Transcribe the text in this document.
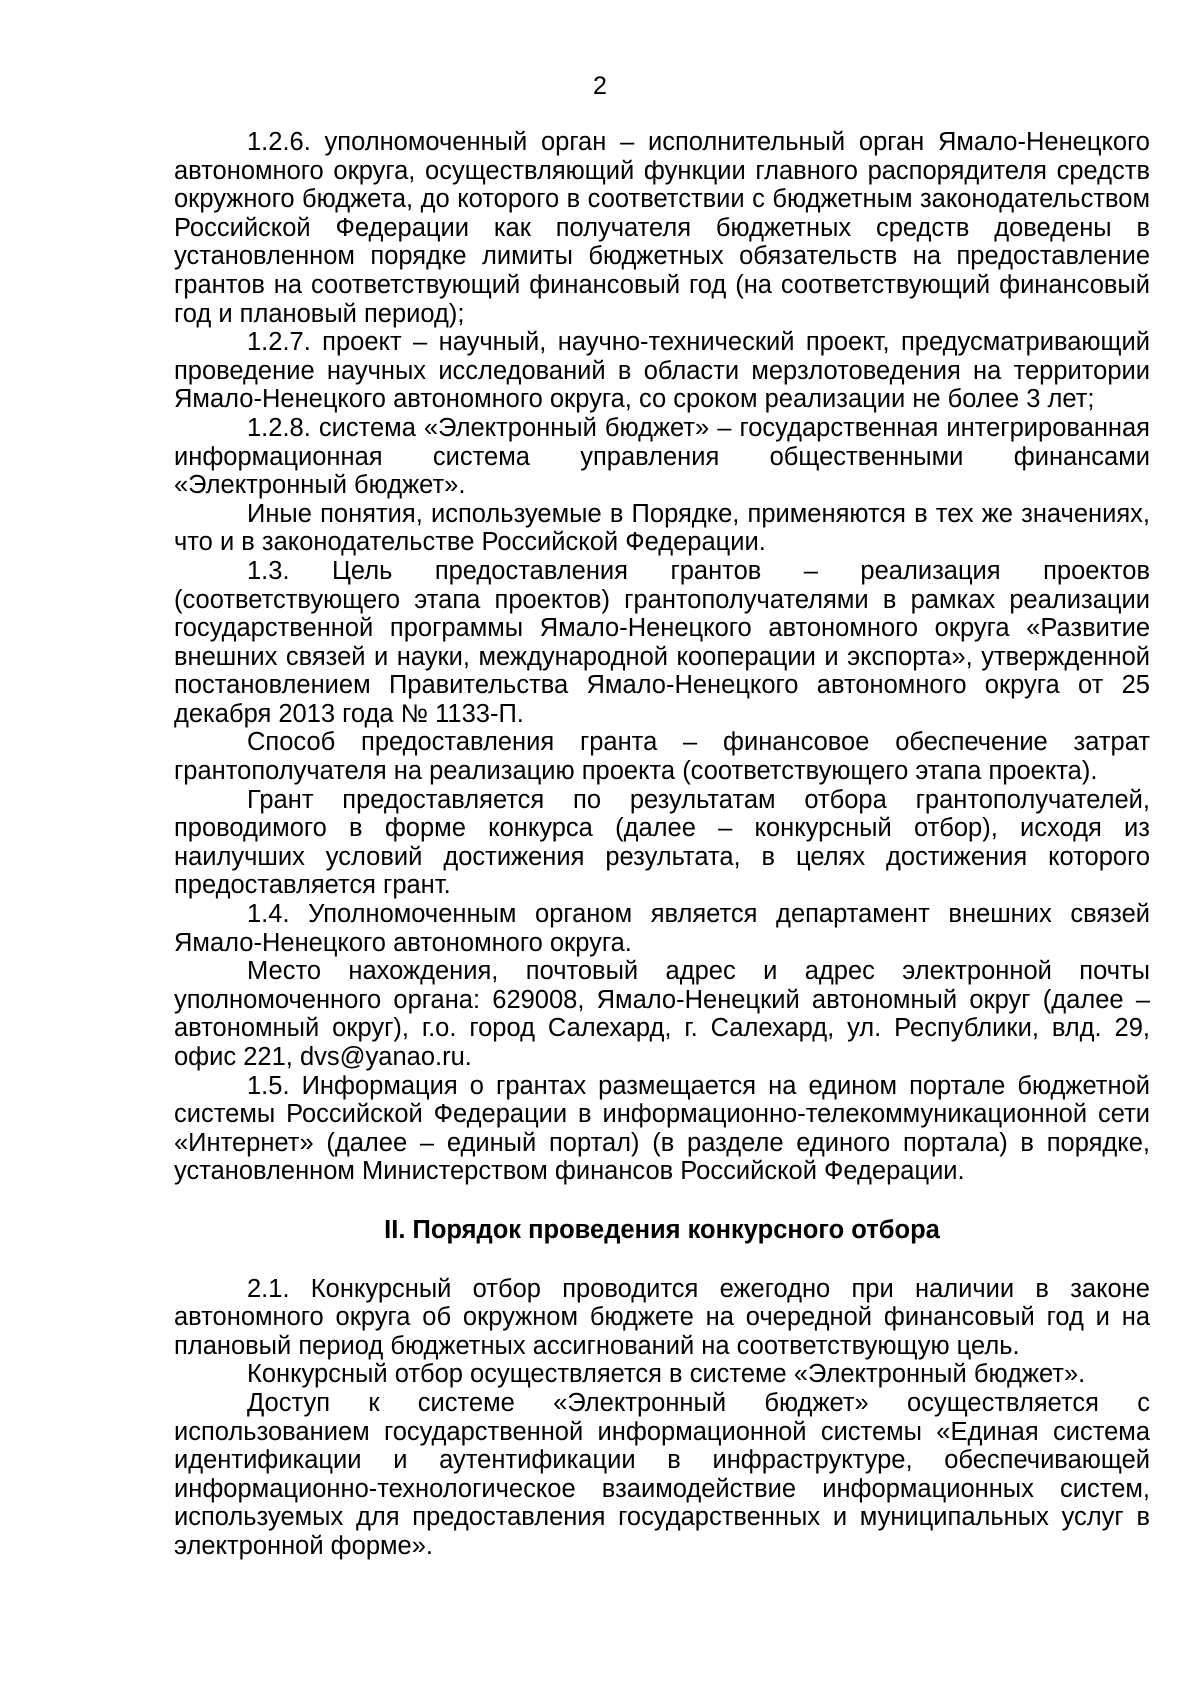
2

1.2.6. уполномоченный орган – исполнительный орган Ямало-Ненецкого автономного округа, осуществляющий функции главного распорядителя средств окружного бюджета, до которого в соответствии с бюджетным законодательством Российской Федерации как получателя бюджетных средств доведены в установленном порядке лимиты бюджетных обязательств на предоставление грантов на соответствующий финансовый год (на соответствующий финансовый год и плановый период);

1.2.7. проект – научный, научно-технический проект, предусматривающий проведение научных исследований в области мерзлотоведения на территории Ямало-Ненецкого автономного округа, со сроком реализации не более 3 лет;

1.2.8. система «Электронный бюджет» – государственная интегрированная информационная система управления общественными финансами «Электронный бюджет».

Иные понятия, используемые в Порядке, применяются в тех же значениях, что и в законодательстве Российской Федерации.

1.3. Цель предоставления грантов – реализация проектов (соответствующего этапа проектов) грантополучателями в рамках реализации государственной программы Ямало-Ненецкого автономного округа «Развитие внешних связей и науки, международной кооперации и экспорта», утвержденной постановлением Правительства Ямало-Ненецкого автономного округа от 25 декабря 2013 года № 1133-П.

Способ предоставления гранта – финансовое обеспечение затрат грантополучателя на реализацию проекта (соответствующего этапа проекта).

Грант предоставляется по результатам отбора грантополучателей, проводимого в форме конкурса (далее – конкурсный отбор), исходя из наилучших условий достижения результата, в целях достижения которого предоставляется грант.

1.4. Уполномоченным органом является департамент внешних связей Ямало-Ненецкого автономного округа.

Место нахождения, почтовый адрес и адрес электронной почты уполномоченного органа: 629008, Ямало-Ненецкий автономный округ (далее – автономный округ), г.о. город Салехард, г. Салехард, ул. Республики, влд. 29, офис 221, dvs@yanao.ru.

1.5. Информация о грантах размещается на едином портале бюджетной системы Российской Федерации в информационно-телекоммуникационной сети «Интернет» (далее – единый портал) (в разделе единого портала) в порядке, установленном Министерством финансов Российской Федерации.

II. Порядок проведения конкурсного отбора

2.1. Конкурсный отбор проводится ежегодно при наличии в законе автономного округа об окружном бюджете на очередной финансовый год и на плановый период бюджетных ассигнований на соответствующую цель.

Конкурсный отбор осуществляется в системе «Электронный бюджет».

Доступ к системе «Электронный бюджет» осуществляется с использованием государственной информационной системы «Единая система идентификации и аутентификации в инфраструктуре, обеспечивающей информационно-технологическое взаимодействие информационных систем, используемых для предоставления государственных и муниципальных услуг в электронной форме».
